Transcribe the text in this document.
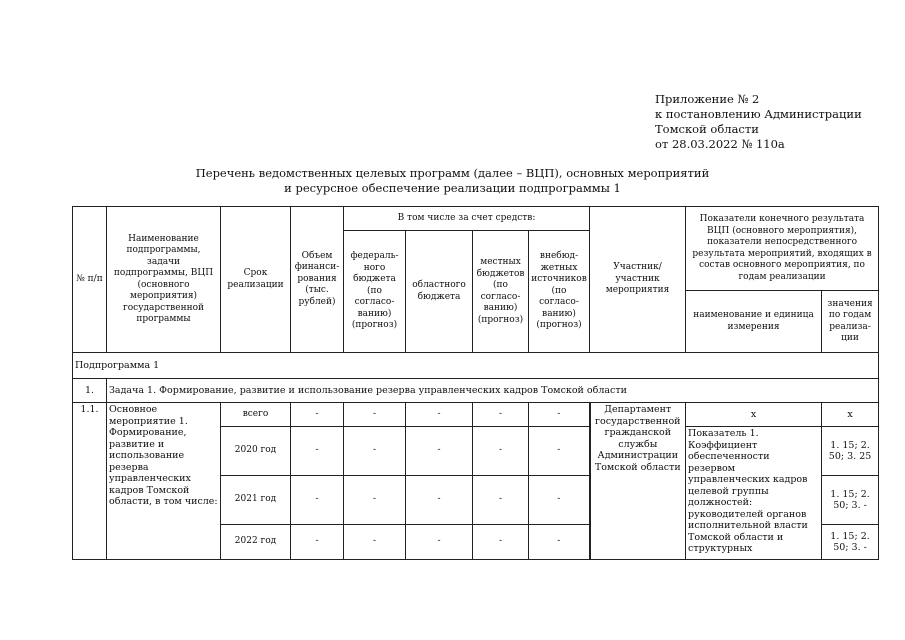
Приложение № 2
к постановлению Администрации
Томской области
от 28.03.2022 № 110а
Перечень ведомственных целевых программ (далее – ВЦП), основных мероприятий
и ресурсное обеспечение реализации подпрограммы 1
№ п/п	Наименование подпрограммы, задачи подпрограммы, ВЦП (основного мероприятия) государственной программы	Срок реализации	Объем финанси-рования (тыс. рублей)	В том числе за счет средств:				Участник/ участник мероприятия	Показатели конечного результата ВЦП (основного мероприятия), показатели непосредственного результата мероприятий, входящих в состав основного мероприятия, по годам реализации	
				федераль-ного бюджета (по согласо-ванию) (прогноз)	областного бюджета	местных бюджетов (по согласо-ванию) (прогноз)	внебюд-жетных источников (по согласо-ванию) (прогноз)			
									наименование и единица измерения	значения по годам реализа-ции
Подпрограмма 1										
1.	Задача 1. Формирование, развитие и использование резерва управленческих кадров Томской области									
1.1.	Основное мероприятие 1. Формирование, развитие и использование резерва управленческих кадров Томской области, в том числе:	всего	-	-	-	-	-	Департамент государственной гражданской службы Администрации Томской области	x	x
		2020 год	-	-	-	-	-		Показатель 1. Коэффициент обеспеченности резервом управленческих кадров целевой группы должностей: руководителей органов исполнительной власти Томской области и структурных	1. 15; 2. 50; 3. 25
		2021 год	-	-	-	-	-			1. 15; 2. 50; 3. -
		2022 год	-	-	-	-	-			1. 15; 2. 50; 3. -
